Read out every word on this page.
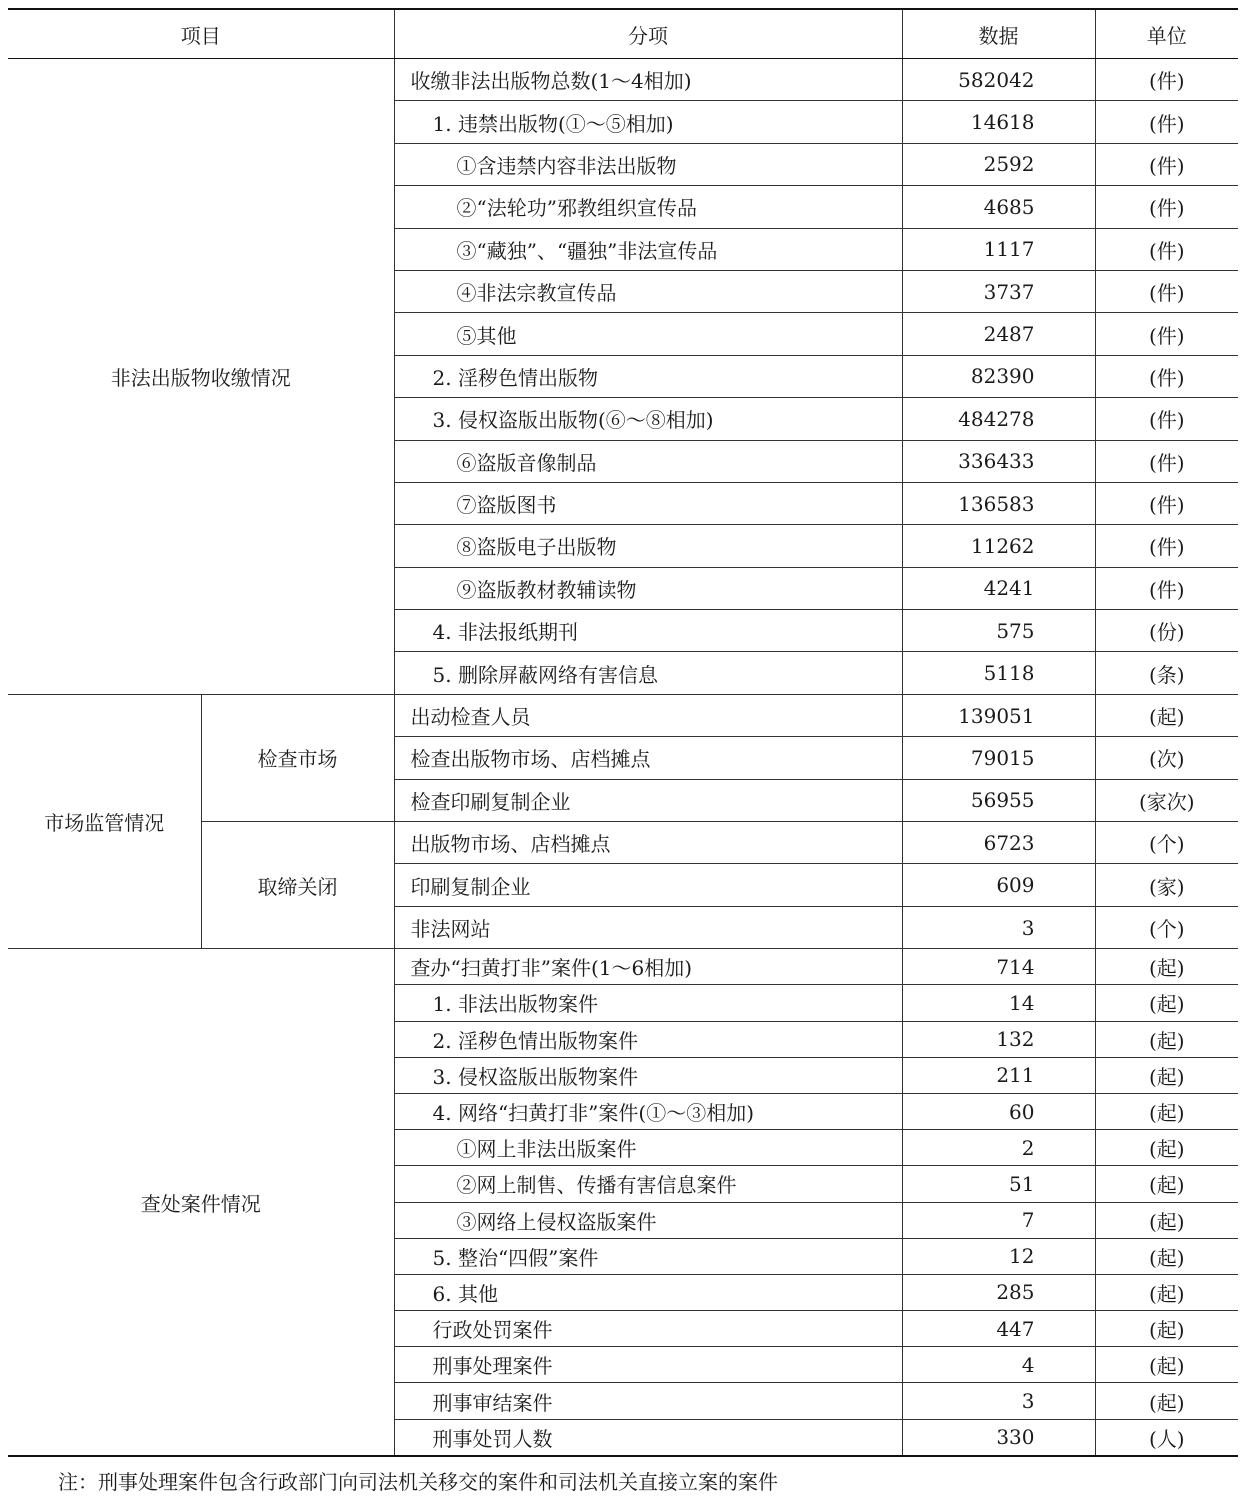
项目		分项	数据	单位
非法出版物收缴情况		收缴非法出版物总数(1～4相加)	582042	(件)
		1. 违禁出版物(①～⑤相加)	14618	(件)
		①含违禁内容非法出版物	2592	(件)
		②“法轮功”邪教组织宣传品	4685	(件)
		③“藏独”、“疆独”非法宣传品	1117	(件)
		④非法宗教宣传品	3737	(件)
		⑤其他	2487	(件)
		2. 淫秽色情出版物	82390	(件)
		3. 侵权盗版出版物(⑥～⑧相加)	484278	(件)
		⑥盗版音像制品	336433	(件)
		⑦盗版图书	136583	(件)
		⑧盗版电子出版物	11262	(件)
		⑨盗版教材教辅读物	4241	(件)
		4. 非法报纸期刊	575	(份)
		5. 删除屏蔽网络有害信息	5118	(条)
市场监管情况	检查市场	出动检查人员	139051	(起)
		检查出版物市场、店档摊点	79015	(次)
		检查印刷复制企业	56955	(家次)
	取缔关闭	出版物市场、店档摊点	6723	(个)
		印刷复制企业	609	(家)
		非法网站	3	(个)
查处案件情况		查办“扫黄打非”案件(1～6相加)	714	(起)
		1. 非法出版物案件	14	(起)
		2. 淫秽色情出版物案件	132	(起)
		3. 侵权盗版出版物案件	211	(起)
		4. 网络“扫黄打非”案件(①～③相加)	60	(起)
		①网上非法出版案件	2	(起)
		②网上制售、传播有害信息案件	51	(起)
		③网络上侵权盗版案件	7	(起)
		5. 整治“四假”案件	12	(起)
		6. 其他	285	(起)
		行政处罚案件	447	(起)
		刑事处理案件	4	(起)
		刑事审结案件	3	(起)
		刑事处罚人数	330	(人)
注：刑事处理案件包含行政部门向司法机关移交的案件和司法机关直接立案的案件
